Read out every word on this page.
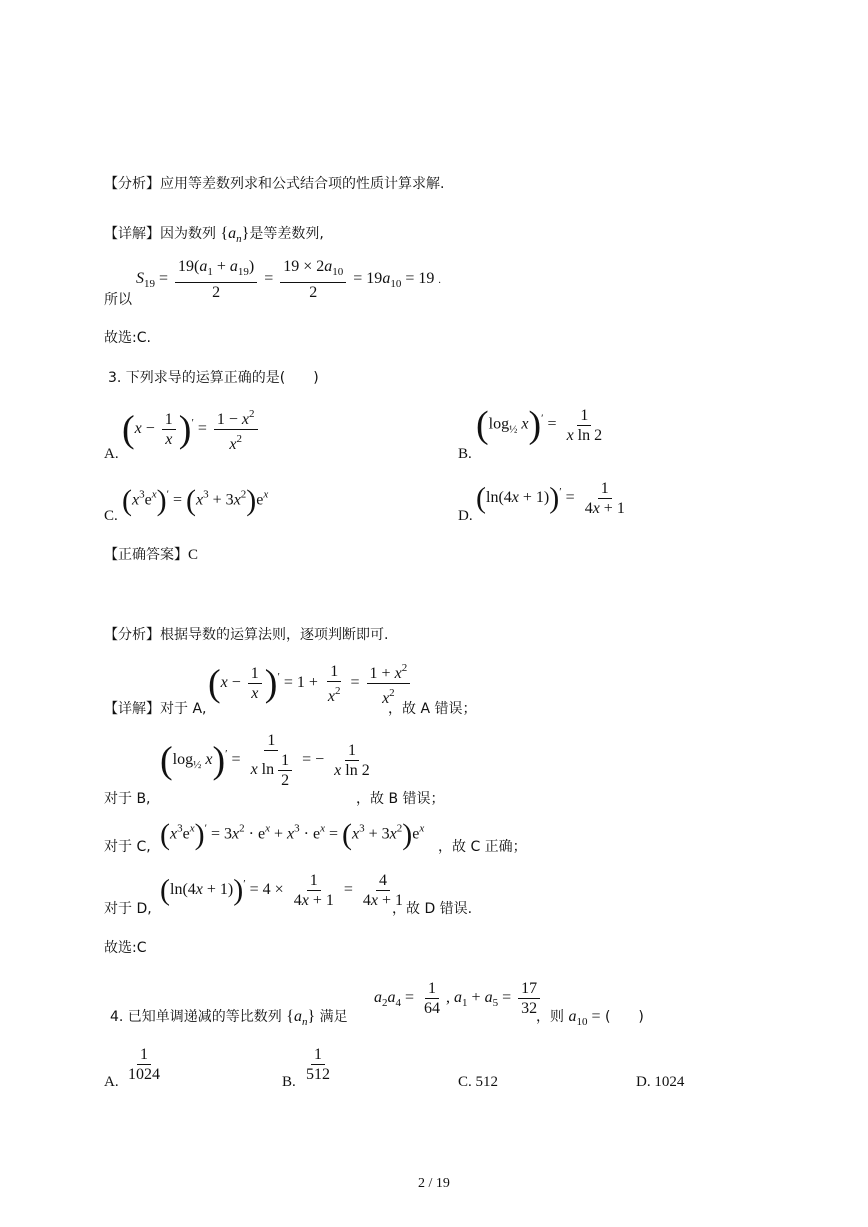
【分析】应用等差数列求和公式结合项的性质计算求解.
【详解】因为数列 $\{a_n\}$是等差数列,
所以
$S_{19} = \frac{19(a_1 + a_{19})}{2} = \frac{19 \times 2a_{10}}{2} = 19a_{10} = 19$ .
故选:C.
3. 下列求导的运算正确的是(　　)
A.
$(x - \frac{1}{x} )' = \frac{1 - x^2}{x^2}$
B.
($\log_{\frac{1}{2}}$ $x)' = \frac{1}{\text{x ln 2}}$
C. $(x^3e^x)' = (x^3 + 3x^2)e^x$
D.
$(\ln(4x + 1))' = \frac{1}{4x + 1}$
【正确答案】C
【分析】根据导数的运算法则，逐项判断即可.
【详解】对于 A,
$(x - \frac{1}{x} )' = 1 + \frac{1}{x^2} = \frac{1 + x^2}{x^2}$
，故 A 错误；
对于 B,
($\log_{\frac{1}{2}}$ $x)' = \frac{1}{x \ln \frac{1}{2}}$ = − $\frac{1}{\text{x ln 2}}$
，故 B 错误；
对于 C, $(x^3e^x)' = 3x^2 \cdot e^x + x^3 \cdot e^x = (x^3 + 3x^2)e^x$
，故 C 正确；
对于 D,
$(\ln(4x + 1))' = 4 \times \frac{1}{4x + 1} = \frac{4}{4x + 1}$
，故 D 错误.
故选:C
4. 已知单调递减的等比数列 $\{a_n\}$ 满足
$a_2a_4 = \frac{1}{64}$ , $a_1 + a_5 = \frac{17}{32}$
，则 $a_{10}$ = (　　)
A. $\frac{1}{1024}$	B. $\frac{1}{512}$	C. 512	D. 1024
2 / 19
